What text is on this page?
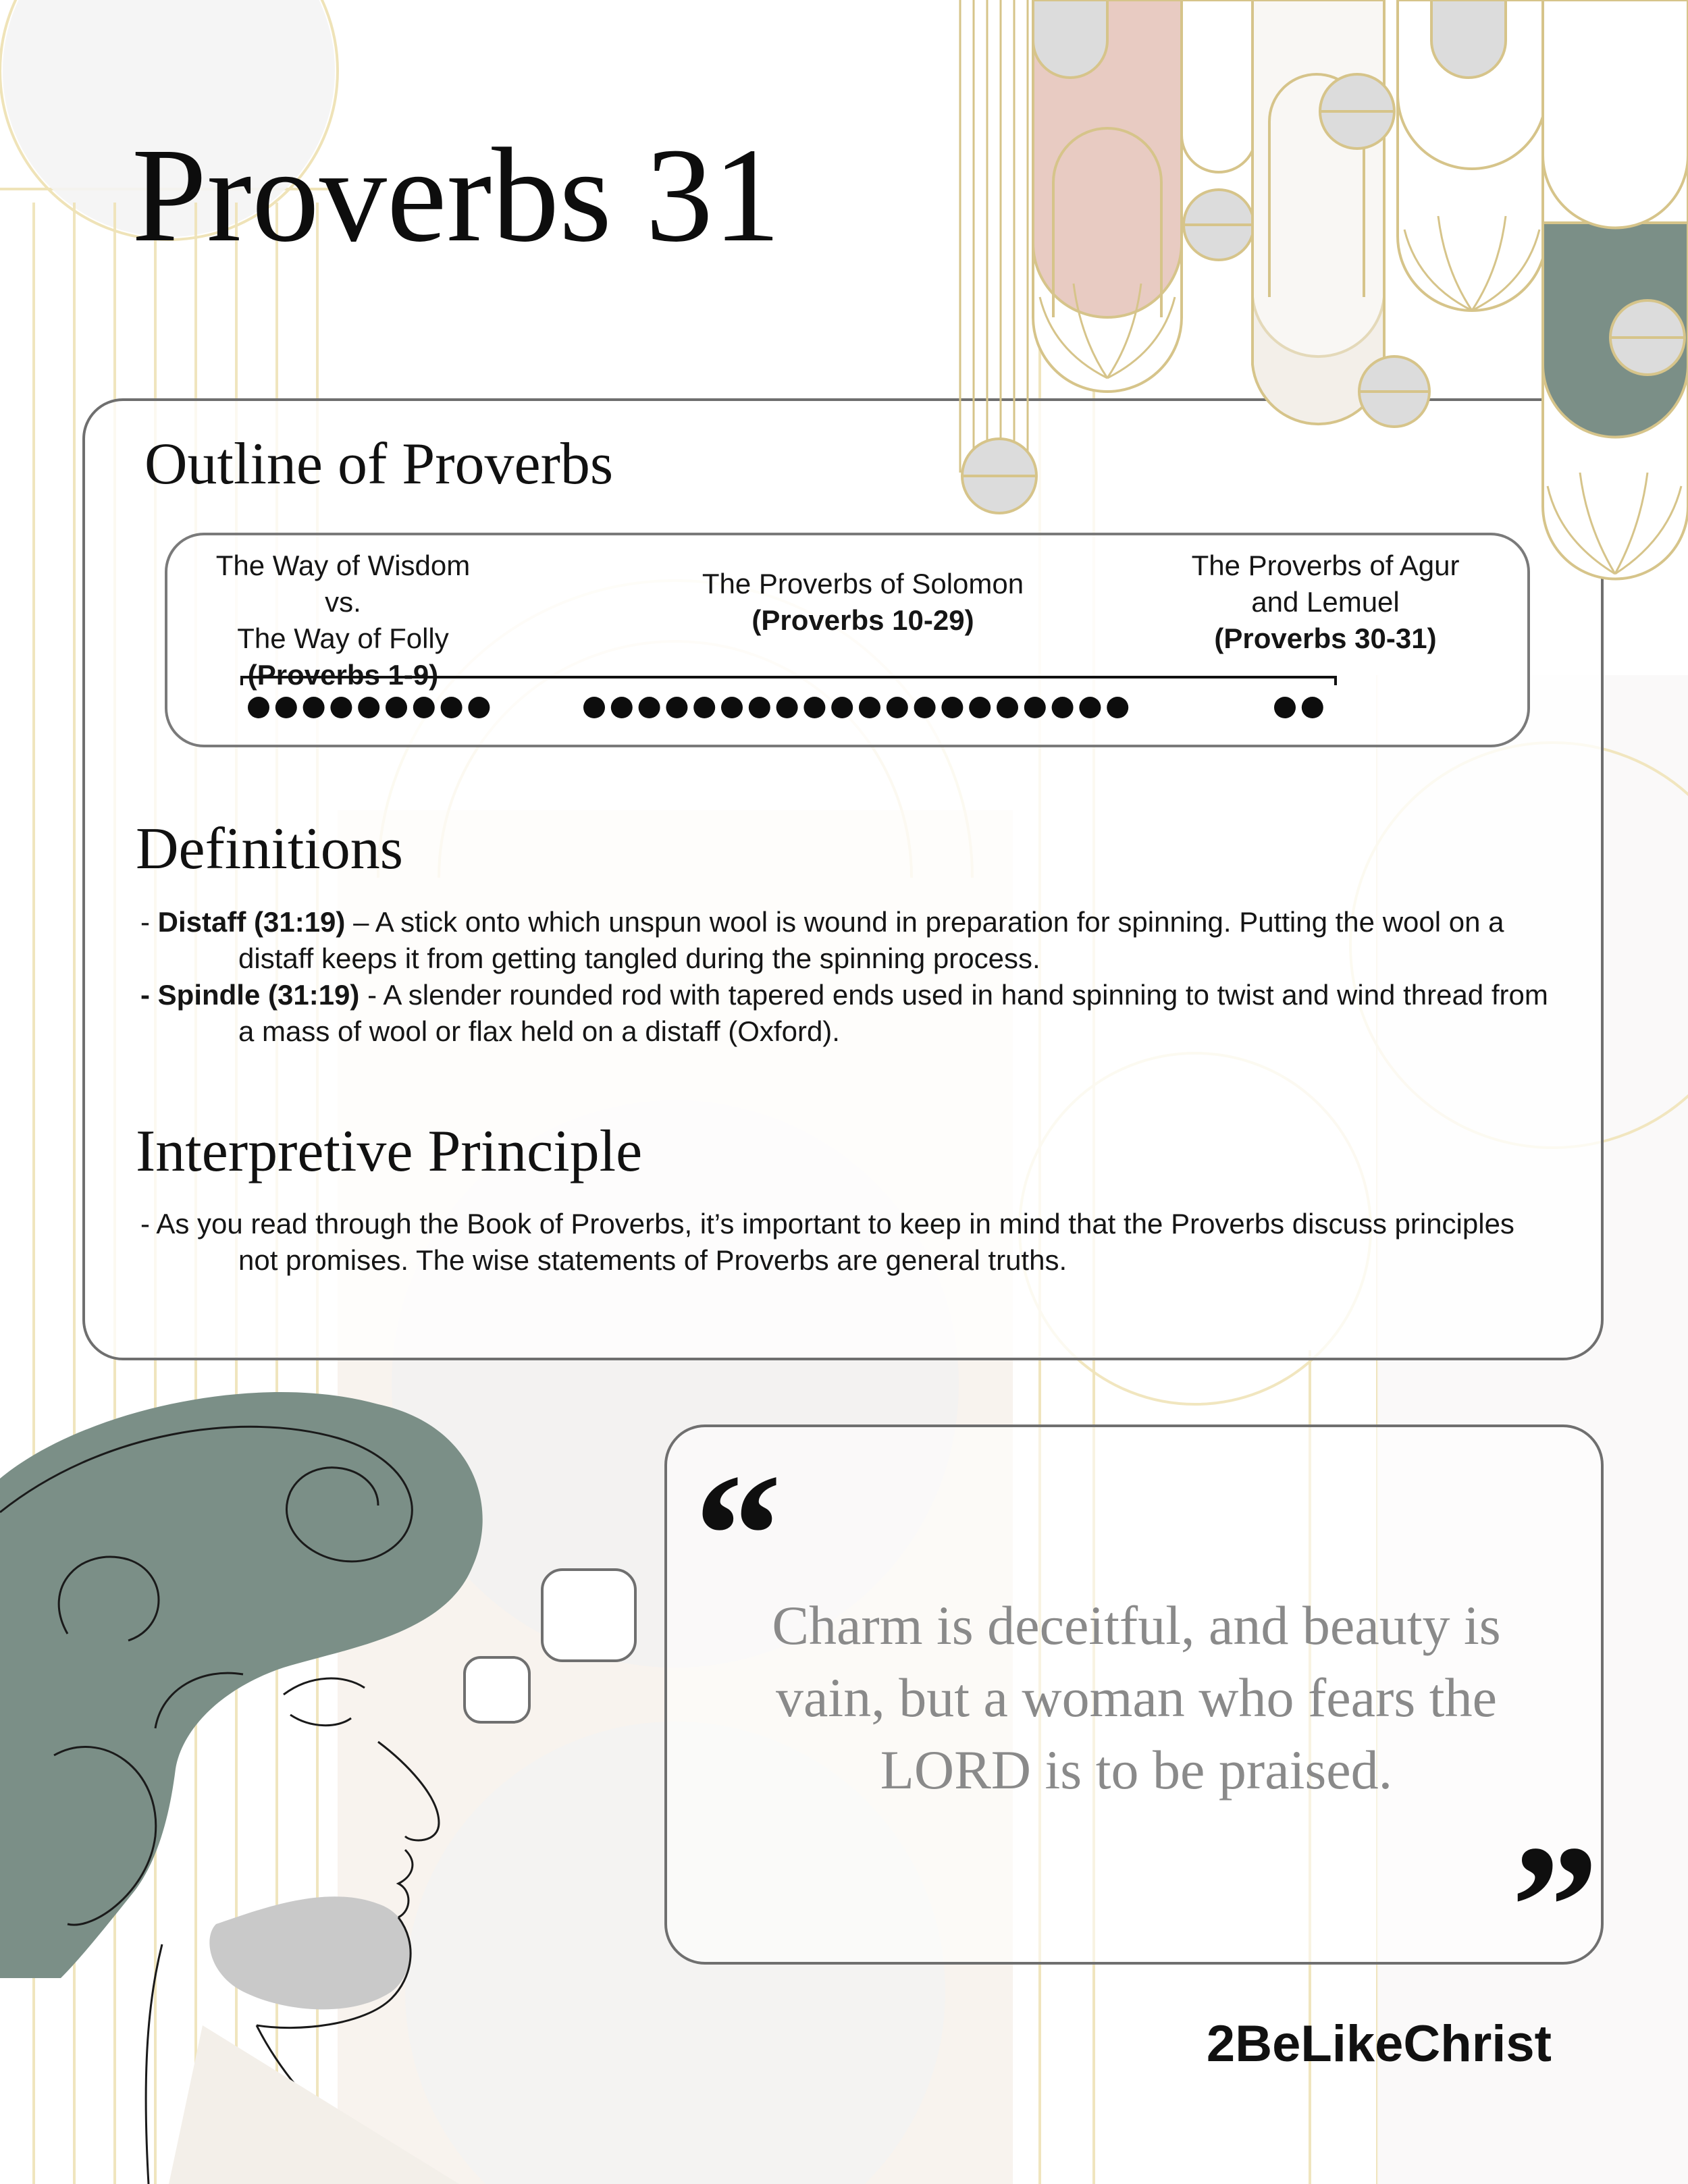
Proverbs 31
Outline of Proverbs
The Way of Wisdom vs.
The Way of Folly
(Proverbs 1-9)
The Proverbs of Solomon
(Proverbs 10-29)
The Proverbs of Agur
and Lemuel
(Proverbs 30-31)
Definitions

- Distaff (31:19) – A stick onto which unspun wool is wound in preparation for spinning. Putting the wool on a distaff keeps it from getting tangled during the spinning process.

- Spindle (31:19) - A slender rounded rod with tapered ends used in hand spinning to twist and wind thread from a mass of wool or flax held on a distaff (Oxford).

Interpretive Principle

- As you read through the Book of Proverbs, it’s important to keep in mind that the Proverbs discuss principles not promises. The wise statements of Proverbs are general truths.

“

Charm is deceitful, and beauty is vain, but a woman who fears the LORD is to be praised.

”
2BeLikeChrist
